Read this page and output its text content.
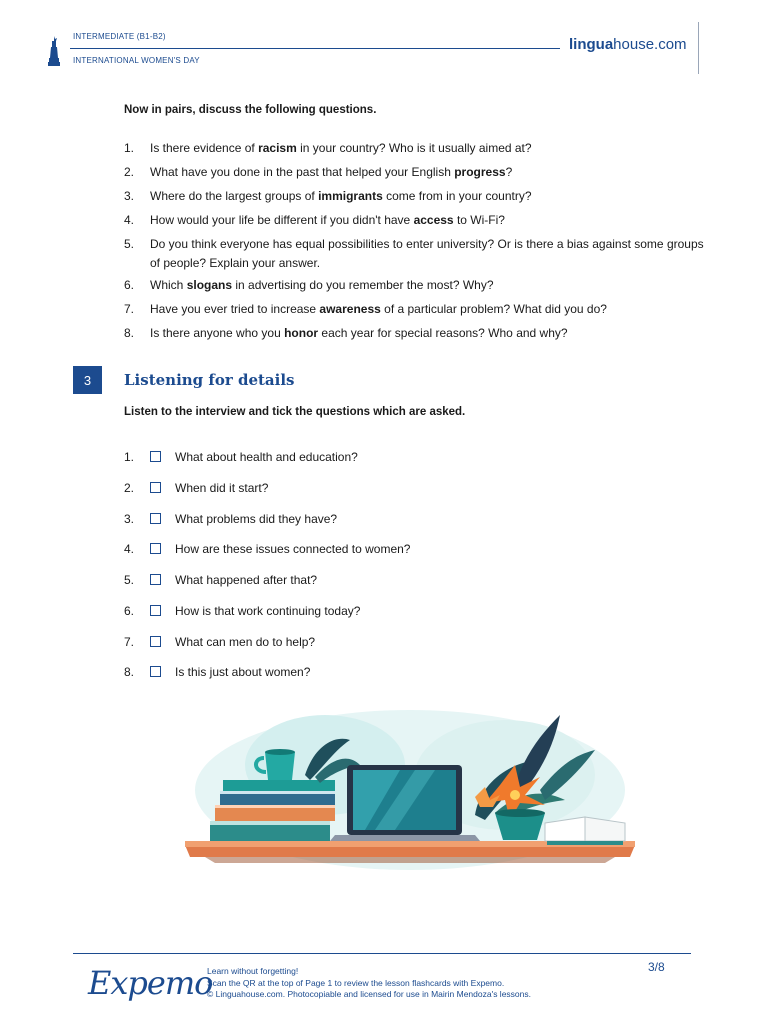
INTERMEDIATE (B1-B2)
INTERNATIONAL WOMEN'S DAY
linguahouse.com
Now in pairs, discuss the following questions.
1. Is there evidence of racism in your country? Who is it usually aimed at?
2. What have you done in the past that helped your English progress?
3. Where do the largest groups of immigrants come from in your country?
4. How would your life be different if you didn't have access to Wi-Fi?
5. Do you think everyone has equal possibilities to enter university? Or is there a bias against some groups of people? Explain your answer.
6. Which slogans in advertising do you remember the most? Why?
7. Have you ever tried to increase awareness of a particular problem? What did you do?
8. Is there anyone who you honor each year for special reasons? Who and why?
3	Listening for details
Listen to the interview and tick the questions which are asked.
1.	What about health and education?
2.	When did it start?
3.	What problems did they have?
4.	How are these issues connected to women?
5.	What happened after that?
6.	How is that work continuing today?
7.	What can men do to help?
8.	Is this just about women?
Expemo
Learn without forgetting!
Scan the QR at the top of Page 1 to review the lesson flashcards with Expemo.
© Linguahouse.com. Photocopiable and licensed for use in Mairin Mendoza's lessons.
3/8
